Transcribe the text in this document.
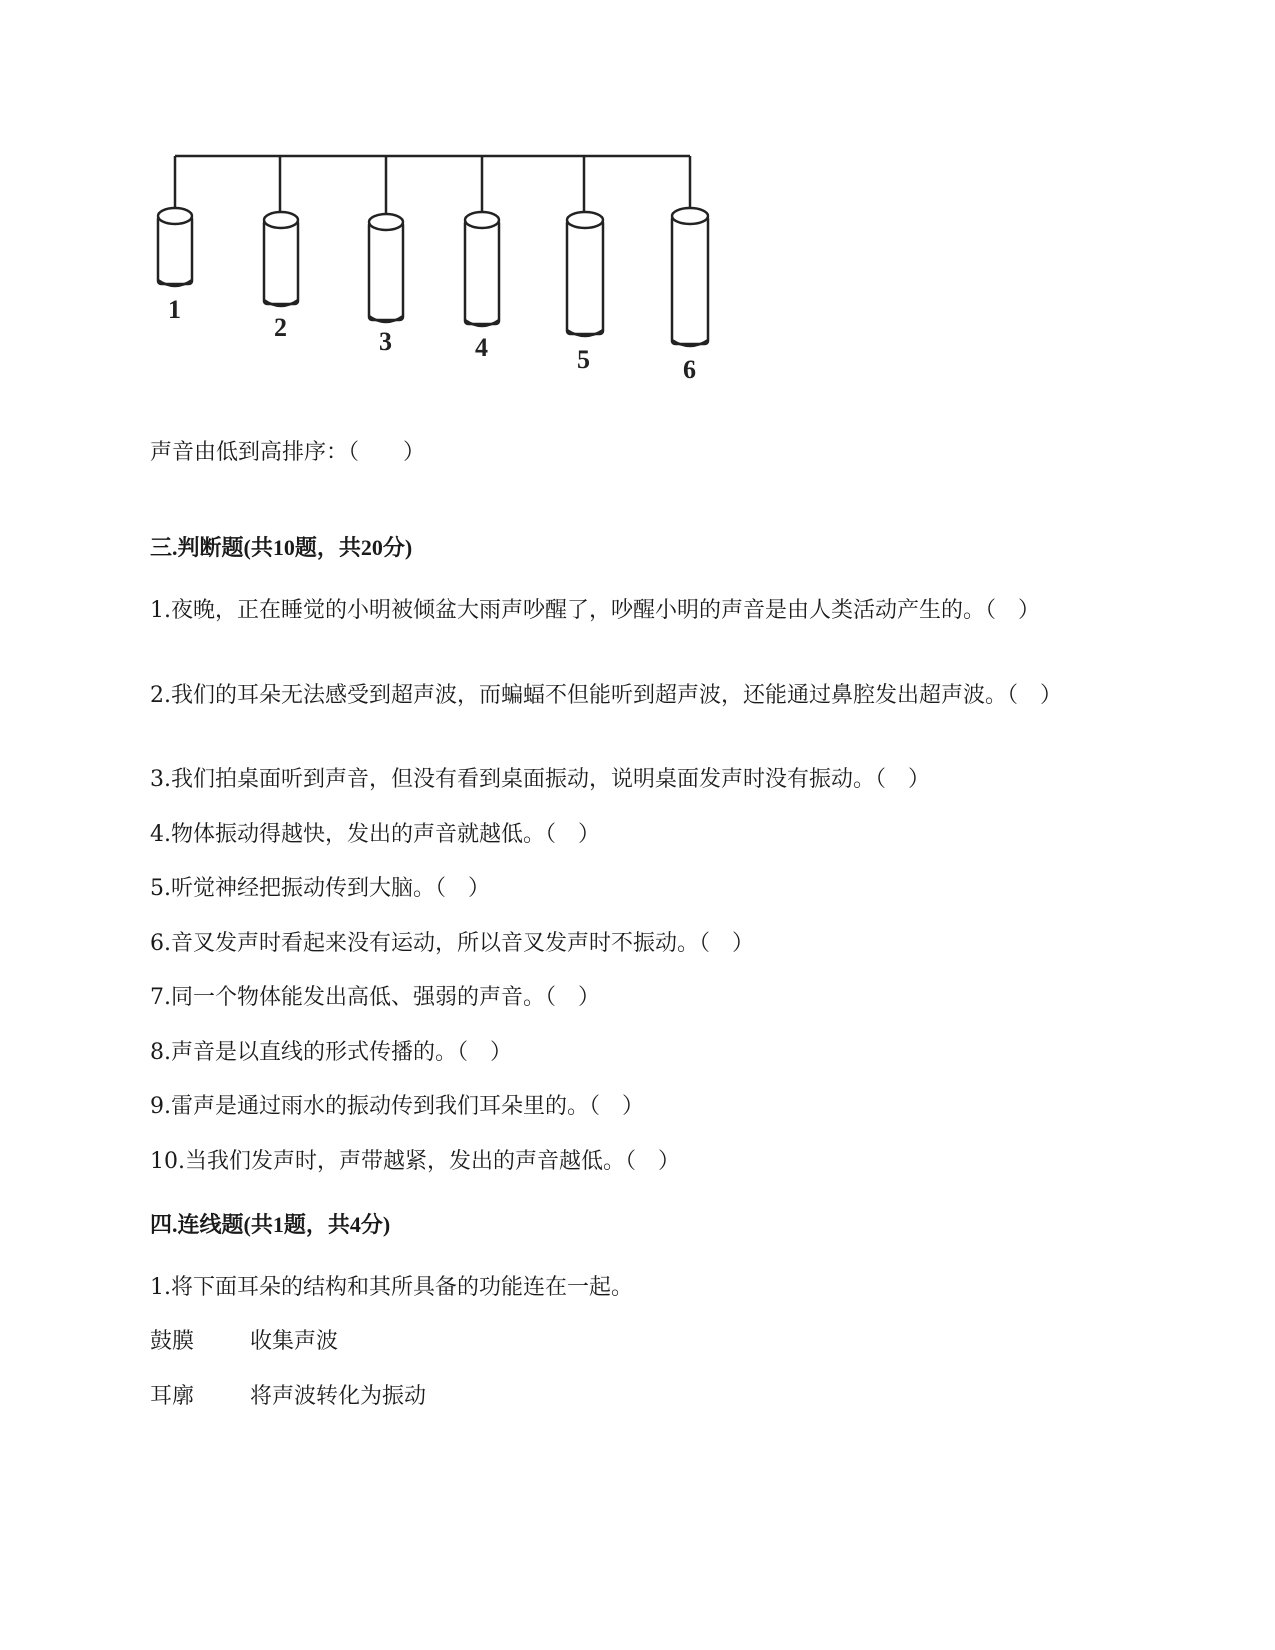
1
2	3	4	5	6
声音由低到高排序：（　　）
三.判断题(共10题，共20分)
1.夜晚，正在睡觉的小明被倾盆大雨声吵醒了，吵醒小明的声音是由人类活动产生的。（　）
2.我们的耳朵无法感受到超声波，而蝙蝠不但能听到超声波，还能通过鼻腔发出超声波。（　）
3.我们拍桌面听到声音，但没有看到桌面振动，说明桌面发声时没有振动。（　）
4.物体振动得越快，发出的声音就越低。（　）
5.听觉神经把振动传到大脑。（　）
6.音叉发声时看起来没有运动，所以音叉发声时不振动。（　）
7.同一个物体能发出高低、强弱的声音。（　）
8.声音是以直线的形式传播的。（　）
9.雷声是通过雨水的振动传到我们耳朵里的。（　）
10.当我们发声时，声带越紧，发出的声音越低。（　）
四.连线题(共1题，共4分)
1.将下面耳朵的结构和其所具备的功能连在一起。
鼓膜	收集声波
耳廓	将声波转化为振动
